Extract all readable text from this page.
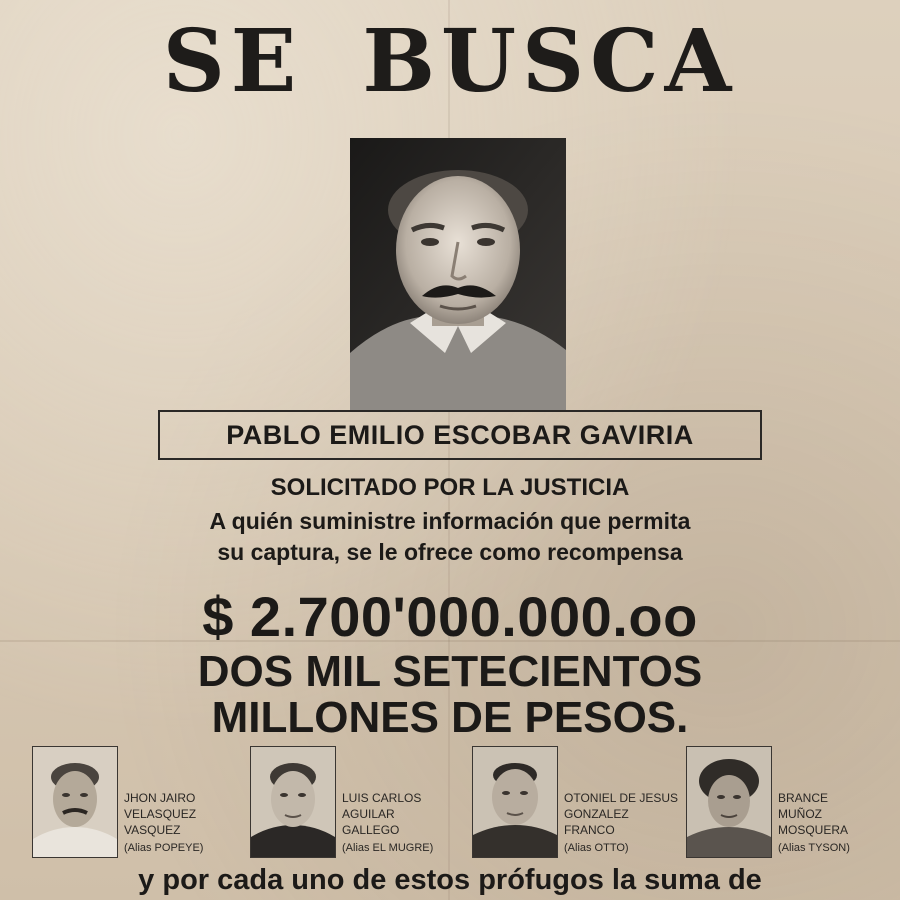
SE BUSCA
PABLO EMILIO ESCOBAR GAVIRIA
SOLICITADO POR LA JUSTICIA
A quién suministre información que permita
su captura, se le ofrece como recompensa
$ 2.700'000.000.oo
DOS MIL SETECIENTOS
MILLONES DE PESOS.
JHON JAIRO
VELASQUEZ
VASQUEZ
(Alias POPEYE)
LUIS CARLOS
AGUILAR
GALLEGO
(Alias EL MUGRE)
OTONIEL DE JESUS
GONZALEZ
FRANCO
(Alias OTTO)
BRANCE
MUÑOZ
MOSQUERA
(Alias TYSON)
y por cada uno de estos prófugos la suma de
